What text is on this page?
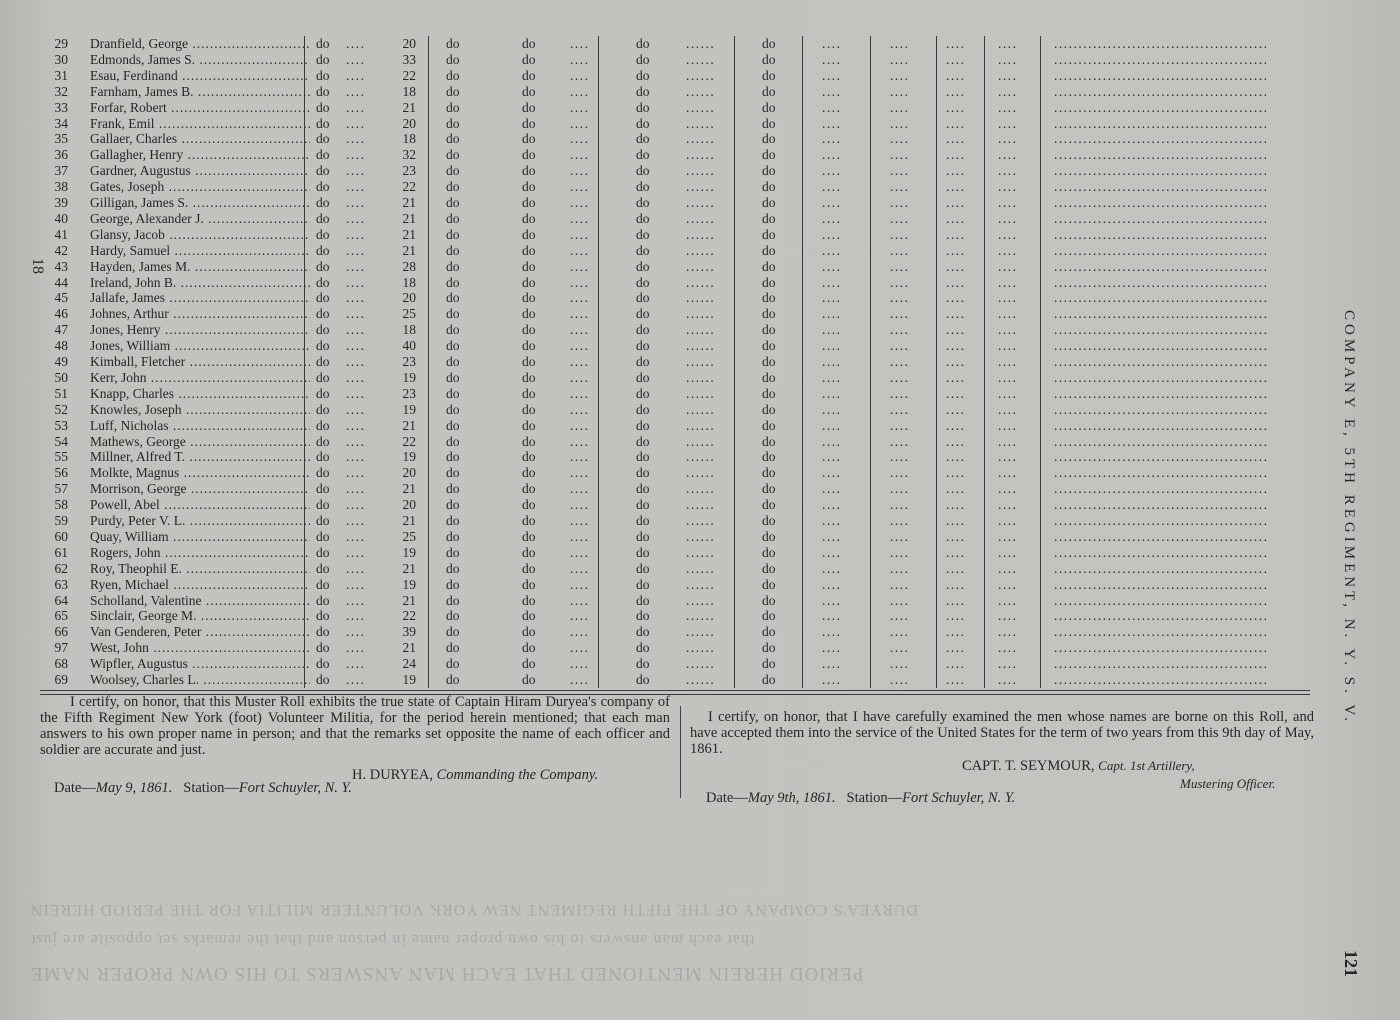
DURYEA'S COMPANY OF THE FIFTH REGIMENT NEW YORK VOLUNTEER MILITIA FOR THE PERIOD HEREIN
that each man answers to his own proper name in person and that the remarks set opposite are just
PERIOD HEREIN MENTIONED THAT EACH MAN ANSWERS TO HIS OWN PROPER NAME
18
COMPANY E, 5TH REGIMENT, N. Y. S. V.
121
29 Dranfield, George .....	do ....	20 do	do	....	do	......	do	....	....	.... ....	............................................
30 Edmonds, James S. .....	do ....	33 do	do	....	do	......	do	....	....	.... ....	............................................
31 Esau, Ferdinand .....	do ....	22 do	do	....	do	......	do	....	....	.... ....	............................................
32 Farnham, James B. .....	do ....	18 do	do	....	do	......	do	....	....	.... ....	............................................
33 Forfar, Robert .....	do ....	21 do	do	....	do	......	do	....	....	.... ....	............................................
34 Frank, Emil .....	do ....	20 do	do	....	do	......	do	....	....	.... ....	............................................
35 Gallaer, Charles .....	do ....	18 do	do	....	do	......	do	....	....	.... ....	............................................
36 Gallagher, Henry .....	do ....	32 do	do	....	do	......	do	....	....	.... ....	............................................
37 Gardner, Augustus .....	do ....	23 do	do	....	do	......	do	....	....	.... ....	............................................
38 Gates, Joseph .....	do ....	22 do	do	....	do	......	do	....	....	.... ....	............................................
39 Gilligan, James S. .....	do ....	21 do	do	....	do	......	do	....	....	.... ....	............................................
40 George, Alexander J. .....	do ....	21 do	do	....	do	......	do	....	....	.... ....	............................................
41 Glansy, Jacob .....	do ....	21 do	do	....	do	......	do	....	....	.... ....	............................................
42 Hardy, Samuel .....	do ....	21 do	do	....	do	......	do	....	....	.... ....	............................................
43 Hayden, James M. .....	do ....	28 do	do	....	do	......	do	....	....	.... ....	............................................
44 Ireland, John B. .....	do ....	18 do	do	....	do	......	do	....	....	.... ....	............................................
45 Jallafe, James .....	do ....	20 do	do	....	do	......	do	....	....	.... ....	............................................
46 Johnes, Arthur .....	do ....	25 do	do	....	do	......	do	....	....	.... ....	............................................
47 Jones, Henry .....	do ....	18 do	do	....	do	......	do	....	....	.... ....	............................................
48 Jones, William .....	do ....	40 do	do	....	do	......	do	....	....	.... ....	............................................
49 Kimball, Fletcher .....	do ....	23 do	do	....	do	......	do	....	....	.... ....	............................................
50 Kerr, John .....	do ....	19 do	do	....	do	......	do	....	....	.... ....	............................................
51 Knapp, Charles .....	do ....	23 do	do	....	do	......	do	....	....	.... ....	............................................
52 Knowles, Joseph .....	do ....	19 do	do	....	do	......	do	....	....	.... ....	............................................
53 Luff, Nicholas .....	do ....	21 do	do	....	do	......	do	....	....	.... ....	............................................
54 Mathews, George .....	do ....	22 do	do	....	do	......	do	....	....	.... ....	............................................
55 Millner, Alfred T. .....	do ....	19 do	do	....	do	......	do	....	....	.... ....	............................................
56 Molkte, Magnus .....	do ....	20 do	do	....	do	......	do	....	....	.... ....	............................................
57 Morrison, George .....	do ....	21 do	do	....	do	......	do	....	....	.... ....	............................................
58 Powell, Abel .....	do ....	20 do	do	....	do	......	do	....	....	.... ....	............................................
59 Purdy, Peter V. L. .....	do ....	21 do	do	....	do	......	do	....	....	.... ....	............................................
60 Quay, William .....	do ....	25 do	do	....	do	......	do	....	....	.... ....	............................................
61 Rogers, John .....	do ....	19 do	do	....	do	......	do	....	....	.... ....	............................................
62 Roy, Theophil E. .....	do ....	21 do	do	....	do	......	do	....	....	.... ....	............................................
63 Ryen, Michael .....	do ....	19 do	do	....	do	......	do	....	....	.... ....	............................................
64 Scholland, Valentine .....	do ....	21 do	do	....	do	......	do	....	....	.... ....	............................................
65 Sinclair, George M. .....	do ....	22 do	do	....	do	......	do	....	....	.... ....	............................................
66 Van Genderen, Peter .....	do ....	39 do	do	....	do	......	do	....	....	.... ....	............................................
97 West, John .....	do ....	21 do	do	....	do	......	do	....	....	.... ....	............................................
68 Wipfler, Augustus .....	do ....	24 do	do	....	do	......	do	....	....	.... ....	............................................
69 Woolsey, Charles L. .....	do ....	19 do	do	....	do	......	do	....	....	.... ....	............................................

I certify, on honor, that this Muster Roll exhibits the true state of Captain Hiram Duryea's company of the Fifth Regiment New York (foot) Volunteer Militia, for the period herein mentioned; that each man answers to his own proper name in person; and that the remarks set opposite the name of each officer and soldier are accurate and just.

H. DURYEA, Commanding the Company.
Date—May 9, 1861. Station—Fort Schuyler, N. Y.

I certify, on honor, that I have carefully examined the men whose names are borne on this Roll, and have accepted them into the service of the United States for the term of two years from this 9th day of May, 1861.

CAPT. T. SEYMOUR, Capt. 1st Artillery,
Mustering Officer.
Date—May 9th, 1861. Station—Fort Schuyler, N. Y.
